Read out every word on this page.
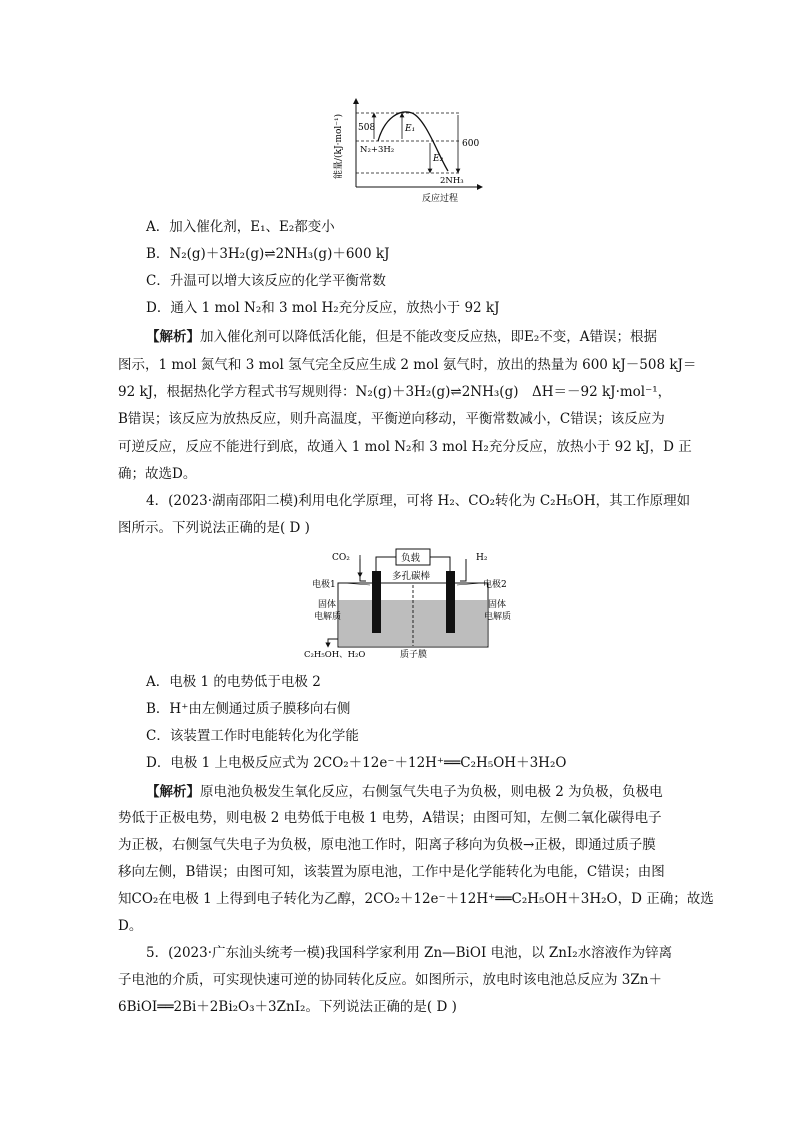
能量/(kJ·mol⁻¹)
反应过程
508	E₁
E₂
600
N₂+3H₂
2NH₃
A．加入催化剂，E₁、E₂都变小
B．N₂(g)＋3H₂(g)⇌2NH₃(g)＋600 kJ
C．升温可以增大该反应的化学平衡常数
D．通入 1 mol N₂和 3 mol H₂充分反应，放热小于 92 kJ
【解析】加入催化剂可以降低活化能，但是不能改变反应热，即E₂不变，A错误；根据
图示，1 mol 氮气和 3 mol 氢气完全反应生成 2 mol 氨气时，放出的热量为 600 kJ－508 kJ＝
92 kJ，根据热化学方程式书写规则得：N₂(g)＋3H₂(g)⇌2NH₃(g)　ΔH＝－92 kJ·mol⁻¹，
B错误；该反应为放热反应，则升高温度，平衡逆向移动，平衡常数减小，C错误；该反应为
可逆反应，反应不能进行到底，故通入 1 mol N₂和 3 mol H₂充分反应，放热小于 92 kJ，D 正
确；故选D。
4．(2023·湖南邵阳二模)利用电化学原理，可将 H₂、CO₂转化为 C₂H₅OH，其工作原理如
图所示。下列说法正确的是( D )
负载
多孔碳棒
CO₂	H₂
电极1	电极2
固体
电解质
固体
电解质
C₂H₅OH、H₂O	质子膜
A．电极 1 的电势低于电极 2
B．H⁺由左侧通过质子膜移向右侧
C．该装置工作时电能转化为化学能
D．电极 1 上电极反应式为 2CO₂＋12e⁻＋12H⁺══C₂H₅OH＋3H₂O
【解析】原电池负极发生氧化反应，右侧氢气失电子为负极，则电极 2 为负极，负极电
势低于正极电势，则电极 2 电势低于电极 1 电势，A错误；由图可知，左侧二氧化碳得电子
为正极，右侧氢气失电子为负极，原电池工作时，阳离子移向为负极→正极，即通过质子膜
移向左侧，B错误；由图可知，该装置为原电池，工作中是化学能转化为电能，C错误；由图
知CO₂在电极 1 上得到电子转化为乙醇，2CO₂＋12e⁻＋12H⁺══C₂H₅OH＋3H₂O，D 正确；故选
D。
5．(2023·广东汕头统考一模)我国科学家利用 Zn—BiOI 电池，以 ZnI₂水溶液作为锌离
子电池的介质，可实现快速可逆的协同转化反应。如图所示，放电时该电池总反应为 3Zn＋
6BiOI══2Bi＋2Bi₂O₃＋3ZnI₂。下列说法正确的是( D )
